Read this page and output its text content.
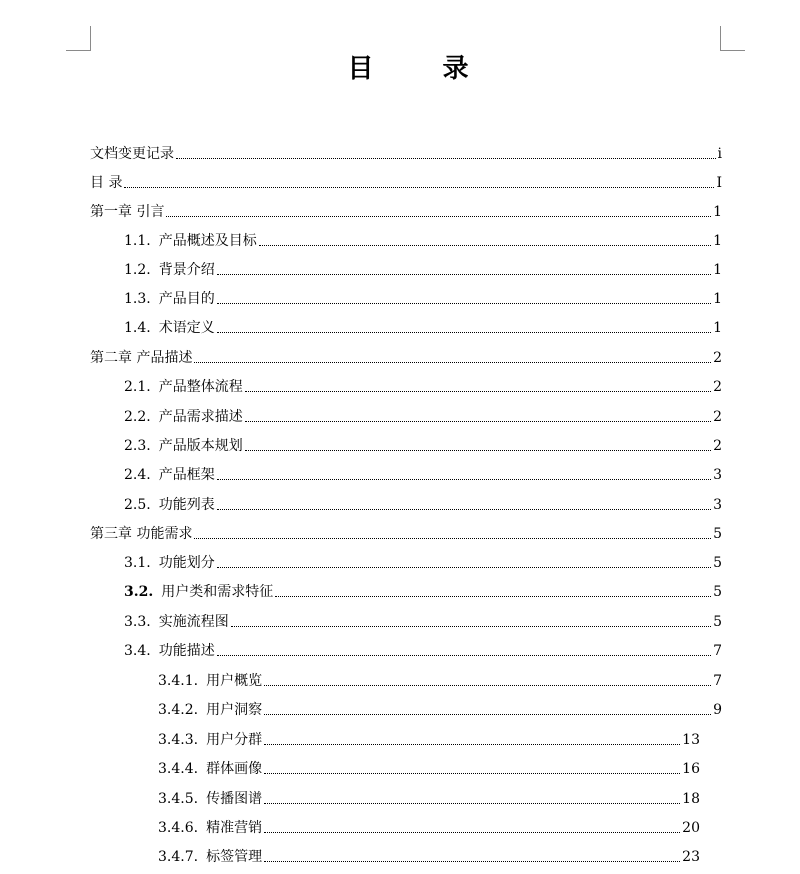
目 录
文档变更记录	i
目 录	I
第一章 引言	1
1.1. 产品概述及目标	1
1.2. 背景介绍	1
1.3. 产品目的	1
1.4. 术语定义	1
第二章 产品描述	2
2.1. 产品整体流程	2
2.2. 产品需求描述	2
2.3. 产品版本规划	2
2.4. 产品框架	3
2.5. 功能列表	3
第三章 功能需求	5
3.1. 功能划分	5
3.2. 用户类和需求特征	5
3.3. 实施流程图	5
3.4. 功能描述	7
3.4.1. 用户概览	7
3.4.2. 用户洞察	9
3.4.3. 用户分群	13
3.4.4. 群体画像	16
3.4.5. 传播图谱	18
3.4.6. 精准营销	20
3.4.7. 标签管理	23
